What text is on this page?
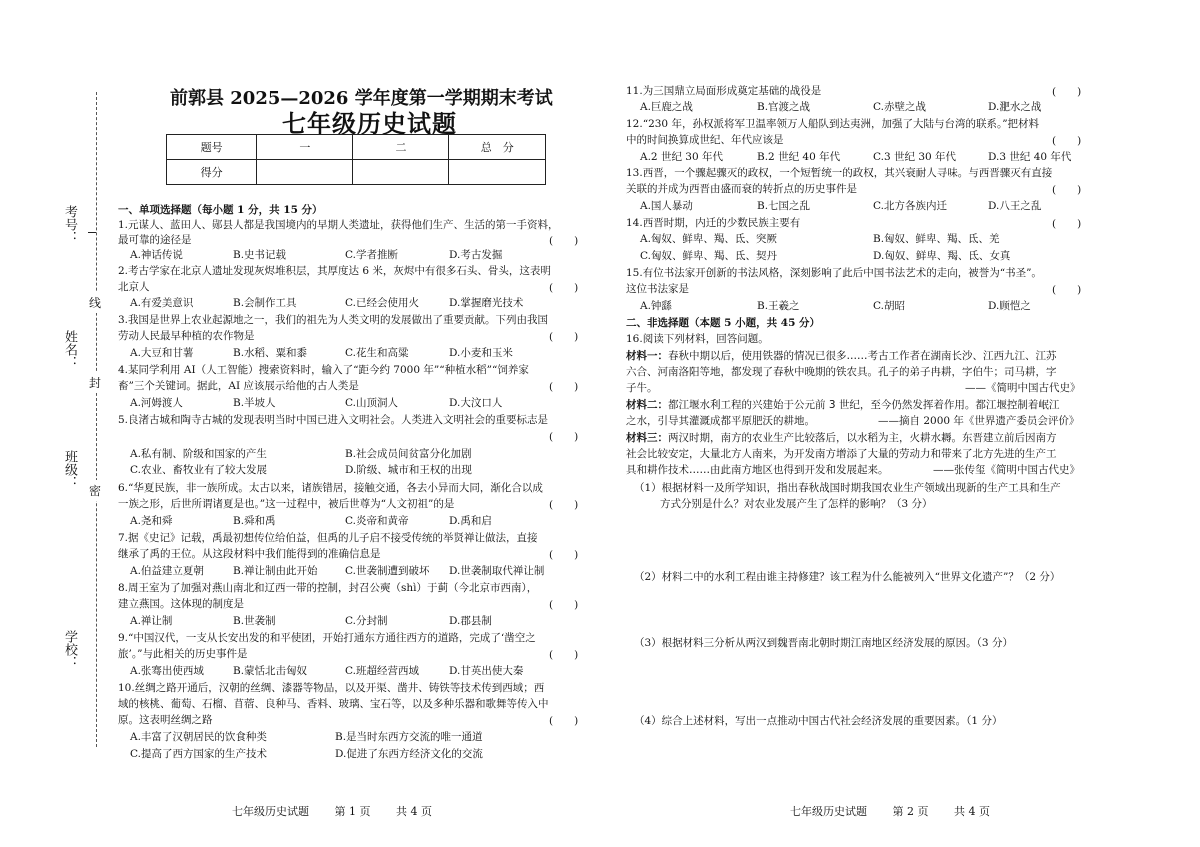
线
封
密
考号：
姓名：
班级：
学校：
前郭县 2025—2026 学年度第一学期期末考试
七年级历史试题
题号	一	二	总　分
得分			
一、单项选择题（每小题 1 分，共 15 分）
1.元谋人、蓝田人、郧县人都是我国境内的早期人类遗址，获得他们生产、生活的第一手资料，
最可靠的途径是	(　　)
A.神话传说	B.史书记载	C.学者推断	D.考古发掘
2.考古学家在北京人遗址发现灰烬堆积层，其厚度达 6 米，灰烬中有很多石头、骨头，这表明
北京人	(　　)
A.有爱美意识	B.会制作工具	C.已经会使用火	D.掌握磨光技术
3.我国是世界上农业起源地之一，我们的祖先为人类文明的发展做出了重要贡献。下列由我国
劳动人民最早种植的农作物是	(　　)
A.大豆和甘薯	B.水稻、粟和黍	C.花生和高粱	D.小麦和玉米
4.某同学利用 AI（人工智能）搜索资料时，输入了“距今约 7000 年”“种植水稻”“饲养家
畜”三个关键词。据此，AI 应该展示给他的古人类是	(　　)
A.河姆渡人	B.半坡人	C.山顶洞人	D.大汶口人
5.良渚古城和陶寺古城的发现表明当时中国已进入文明社会。人类进入文明社会的重要标志是
(　　)
A.私有制、阶级和国家的产生	B.社会成员间贫富分化加剧
C.农业、畜牧业有了较大发展	D.阶级、城市和王权的出现
6.“华夏民族，非一族所成。太古以来，诸族错居，接触交通，各去小异而大同，渐化合以成
一族之形，后世所谓诸夏是也。”这一过程中，被后世尊为“人文初祖”的是	(　　)
A.尧和舜	B.舜和禹	C.炎帝和黄帝	D.禹和启
7.据《史记》记载，禹最初想传位给伯益，但禹的儿子启不接受传统的举贤禅让做法，直接
继承了禹的王位。从这段材料中我们能得到的准确信息是	(　　)
A.伯益建立夏朝	B.禅让制由此开始	C.世袭制遭到破坏 D.世袭制取代禅让制
8.周王室为了加强对燕山南北和辽西一带的控制，封召公奭（shì）于蓟（今北京市西南），
建立燕国。这体现的制度是	(　　)
A.禅让制	B.世袭制	C.分封制	D.郡县制
9.“中国汉代，一支从长安出发的和平使团，开始打通东方通往西方的道路，完成了‘凿空之
旅’。”与此相关的历史事件是	(　　)
A.张骞出使西域	B.蒙恬北击匈奴	C.班超经营西域	D.甘英出使大秦
10.丝绸之路开通后，汉朝的丝绸、漆器等物品，以及开渠、凿井、铸铁等技术传到西域；西
域的核桃、葡萄、石榴、苜蓿、良种马、香料、玻璃、宝石等，以及多种乐器和歌舞等传入中
原。这表明丝绸之路	(　　)
A.丰富了汉朝居民的饮食种类	B.是当时东西方交流的唯一通道
C.提高了西方国家的生产技术	D.促进了东西方经济文化的交流
七年级历史试题　　 第 1 页　　 共 4 页
11.为三国鼎立局面形成奠定基础的战役是	(　　)
A.巨鹿之战	B.官渡之战	C.赤壁之战	D.淝水之战
12.“230 年，孙权派将军卫温率领万人船队到达夷洲，加强了大陆与台湾的联系。”把材料
中的时间换算成世纪、年代应该是	(　　)
A.2 世纪 30 年代	B.2 世纪 40 年代	C.3 世纪 30 年代	D.3 世纪 40 年代
13.西晋，一个骤起骤灭的政权，一个短暂统一的政权，其兴衰耐人寻味。与西晋骤灭有直接
关联的并成为西晋由盛而衰的转折点的历史事件是	(　　)
A.国人暴动	B.七国之乱	C.北方各族内迁	D.八王之乱
14.西晋时期，内迁的少数民族主要有	(　　)
A.匈奴、鲜卑、羯、氐、突厥	B.匈奴、鲜卑、羯、氐、羌
C.匈奴、鲜卑、羯、氐、契丹	D.匈奴、鲜卑、羯、氐、女真
15.有位书法家开创新的书法风格，深刻影响了此后中国书法艺术的走向，被誉为“书圣”。
这位书法家是	(　　)
A.钟繇	B.王羲之	C.胡昭	D.顾恺之
二、非选择题（本题 5 小题，共 45 分）
16.阅读下列材料，回答问题。
材料一：春秋中期以后，使用铁器的情况已很多……考古工作者在湖南长沙、江西九江、江苏
六合、河南洛阳等地，都发现了春秋中晚期的铁农具。孔子的弟子冉耕，字伯牛；司马耕，字
子牛。	——《简明中国古代史》
材料二：都江堰水利工程的兴建始于公元前 3 世纪，至今仍然发挥着作用。都江堰控制着岷江
之水，引导其灌溉成都平原肥沃的耕地。	——摘自 2000 年《世界遗产委员会评价》
材料三：两汉时期，南方的农业生产比较落后，以水稻为主，火耕水耨。东晋建立前后因南方
社会比较安定，大量北方人南来，为开发南方增添了大量的劳动力和带来了北方先进的生产工
具和耕作技术……由此南方地区也得到开发和发展起来。	——张传玺《简明中国古代史》
（1）根据材料一及所学知识，指出春秋战国时期我国农业生产领域出现新的生产工具和生产
方式分别是什么？对农业发展产生了怎样的影响？（3 分）
（2）材料二中的水利工程由谁主持修建？该工程为什么能被列入“世界文化遗产”？（2 分）
（3）根据材料三分析从两汉到魏晋南北朝时期江南地区经济发展的原因。（3 分）
（4）综合上述材料，写出一点推动中国古代社会经济发展的重要因素。（1 分）
七年级历史试题　　 第 2 页　　 共 4 页
